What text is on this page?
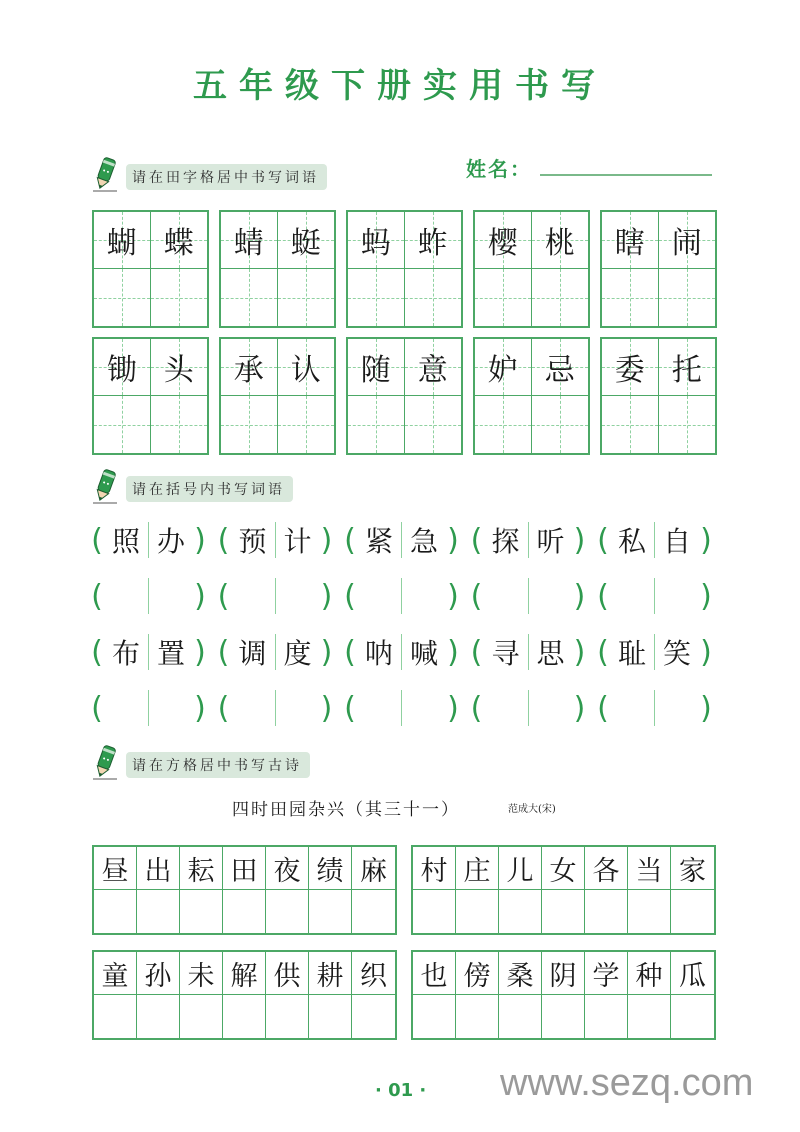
五年级下册实用书写
姓名：
请在田字格居中书写词语
蝴 蝶 蜻 蜓 蚂 蚱 樱 桃 瞎 闹
锄 头 承 认 随 意 妒 忌 委 托
请在括号内书写词语
( 照 办 ) ( 预 计 ) ( 紧 急 ) ( 探 听 ) ( 私 自 )
(	) (	) (	) (	) (	)
( 布 置 ) ( 调 度 ) ( 呐 喊 ) ( 寻 思 ) ( 耻 笑 )
(	) (	) (	) (	) (	)
请在方格居中书写古诗
四时田园杂兴（其三十一）	范成大(宋)
昼 出 耘 田 夜 绩 麻 村 庄 儿 女 各 当 家
童 孙 未 解 供 耕 织 也 傍 桑 阴 学 种 瓜
· 01 · www.sezq.com
